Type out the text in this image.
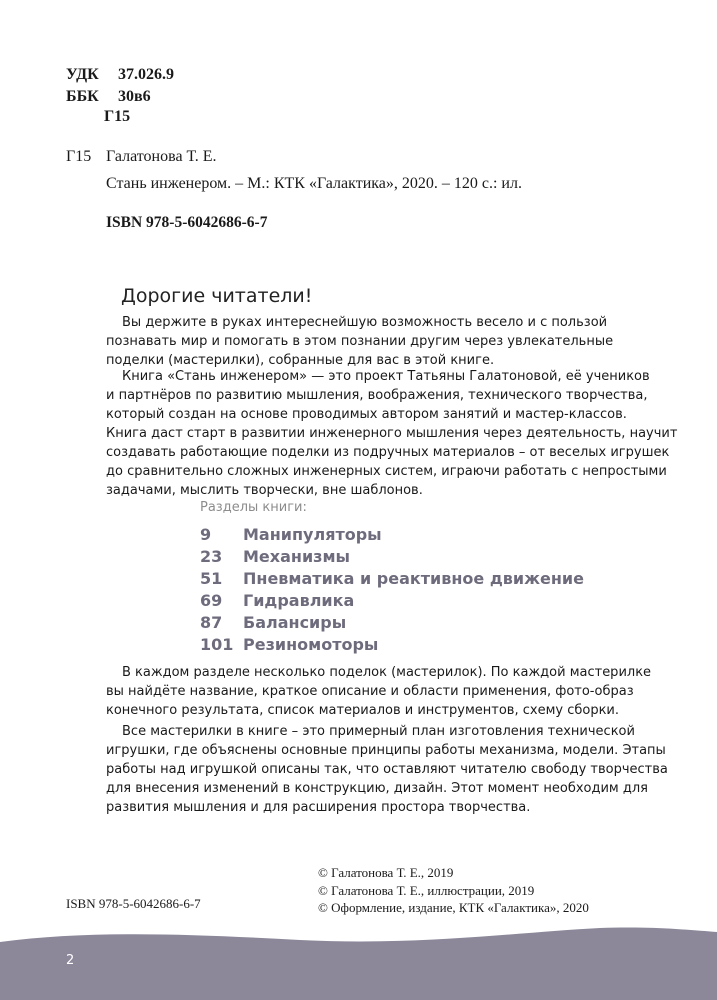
УДК 37.026.9
ББК 30в6
Г15
Г15 Галатонова Т. Е.
Стань инженером. – М.: КТК «Галактика», 2020. – 120 с.: ил.
ISBN 978-5-6042686-6-7
Дорогие читатели!
Вы держите в руках интереснейшую возможность весело и с пользой
познавать мир и помогать в этом познании другим через увлекательные
поделки (мастерилки), собранные для вас в этой книге.
Книга «Стань инженером» — это проект Татьяны Галатоновой, её учеников
и партнёров по развитию мышления, воображения, технического творчества,
который создан на основе проводимых автором занятий и мастер-классов.
Книга даст старт в развитии инженерного мышления через деятельность, научит
создавать работающие поделки из подручных материалов – от веселых игрушек
до сравнительно сложных инженерных систем, играючи работать с непростыми
задачами, мыслить творчески, вне шаблонов.
Разделы книги:
9 Манипуляторы
23 Механизмы
51 Пневматика и реактивное движение
69 Гидравлика
87 Балансиры
101 Резиномоторы
В каждом разделе несколько поделок (мастерилок). По каждой мастерилке
вы найдёте название, краткое описание и области применения, фото-образ
конечного результата, список материалов и инструментов, схему сборки.
Все мастерилки в книге – это примерный план изготовления технической
игрушки, где объяснены основные принципы работы механизма, модели. Этапы
работы над игрушкой описаны так, что оставляют читателю свободу творчества
для внесения изменений в конструкцию, дизайн. Этот момент необходим для
развития мышления и для расширения простора творчества.
ISBN 978-5-6042686-6-7
© Галатонова Т. Е., 2019
© Галатонова Т. Е., иллюстрации, 2019
© Оформление, издание, КТК «Галактика», 2020
2
